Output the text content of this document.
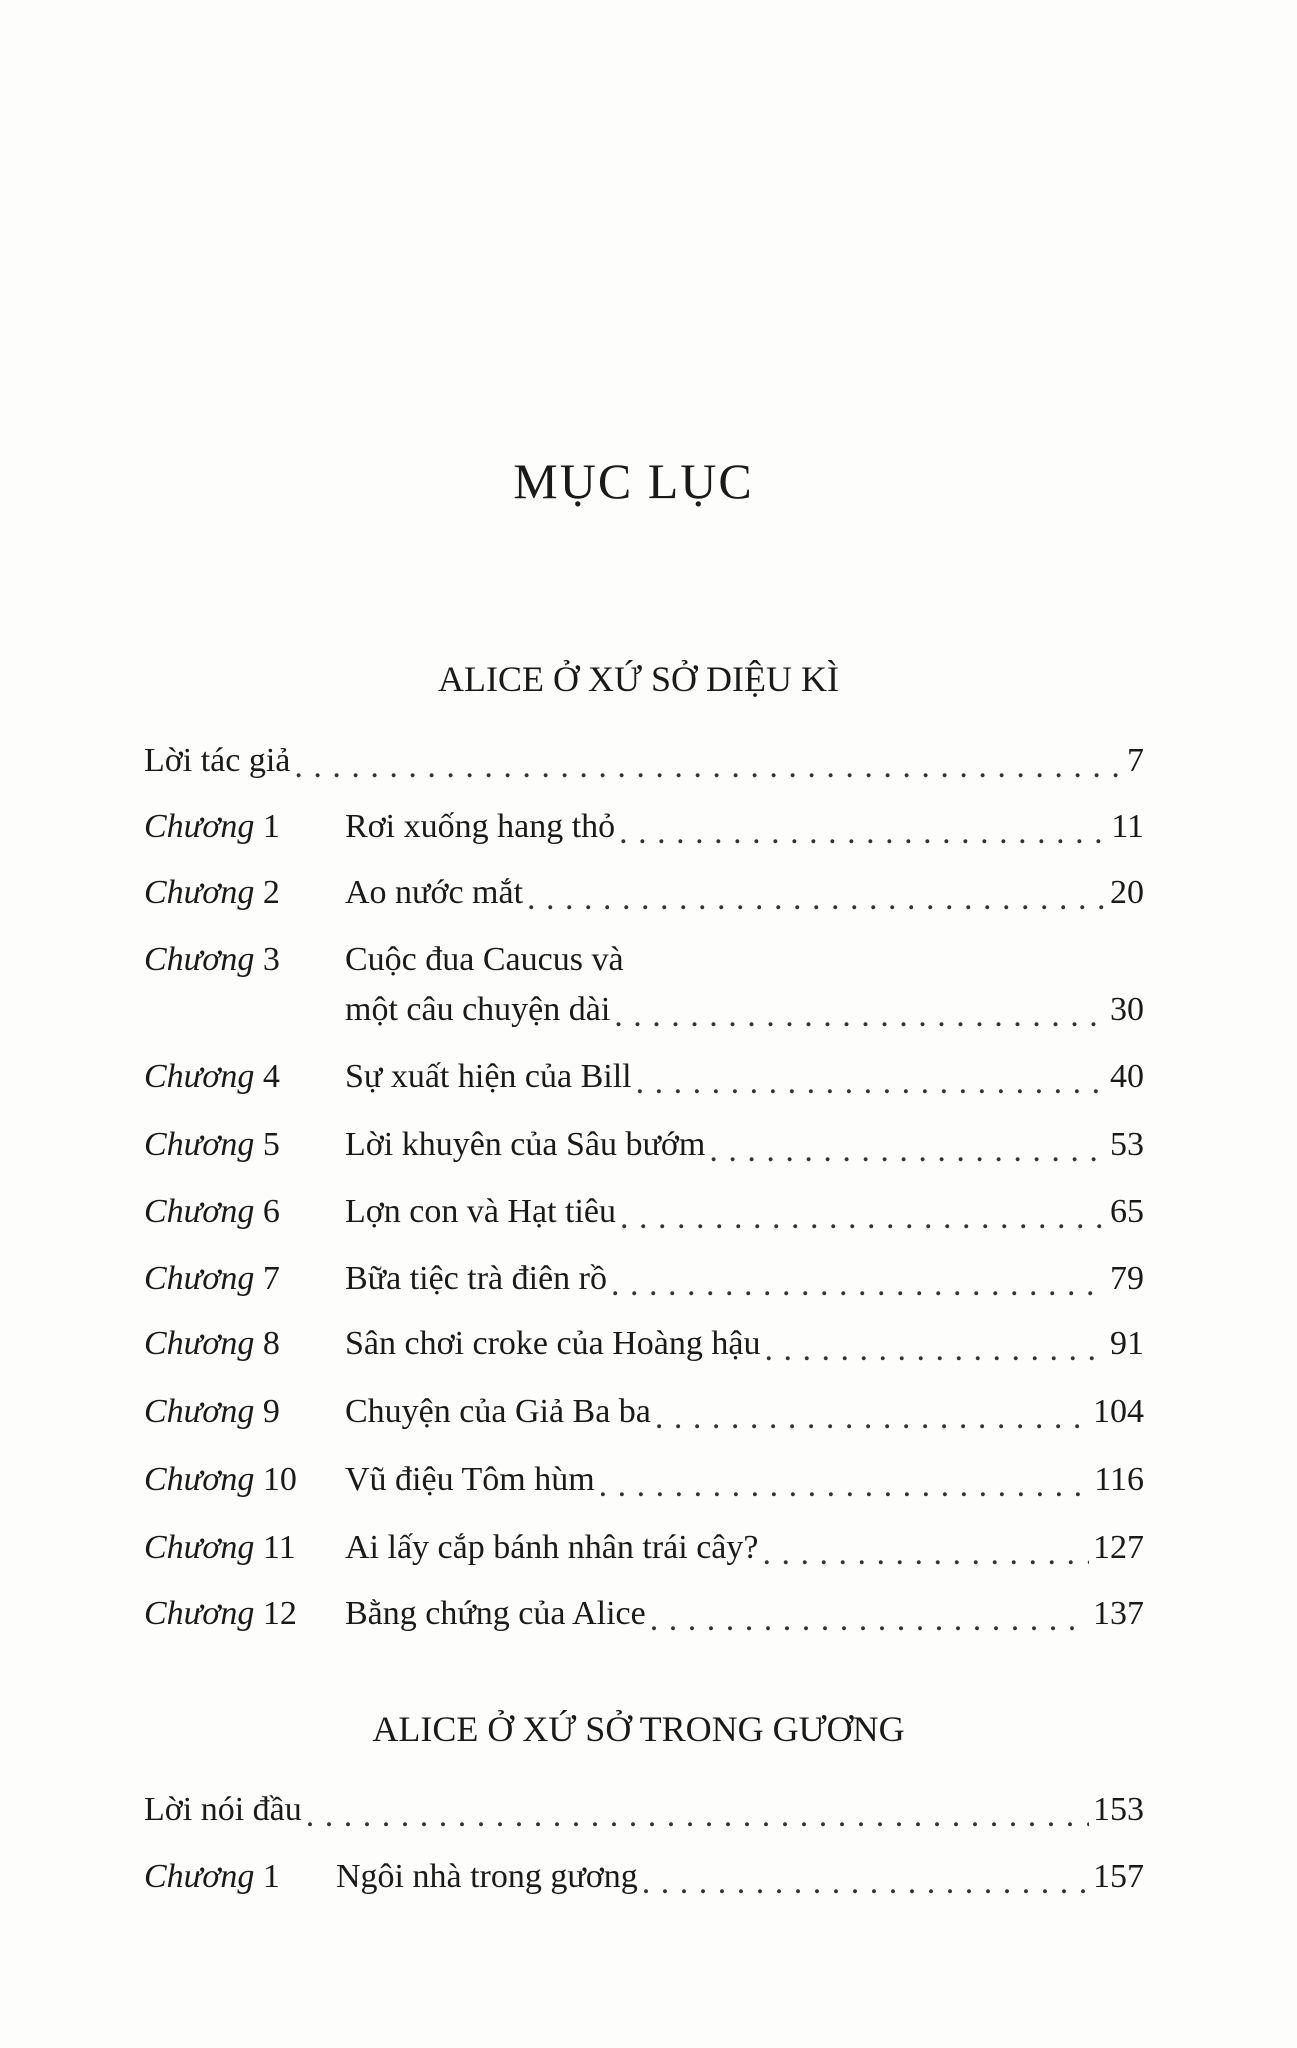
MỤC LỤC
ALICE Ở XỨ SỞ DIỆU KÌ
Lời tác giả . . .	7
Chương 1	Rơi xuống hang thỏ . . .	11
Chương 2	Ao nước mắt . . .	20
Chương 3	Cuộc đua Caucus và
một câu chuyện dài . . .	30
Chương 4	Sự xuất hiện của Bill . . .	40
Chương 5	Lời khuyên của Sâu bướm . . .	53
Chương 6	Lợn con và Hạt tiêu . . .	65
Chương 7	Bữa tiệc trà điên rồ . . .	79
Chương 8	Sân chơi croke của Hoàng hậu . . .	91
Chương 9	Chuyện của Giả Ba ba . . .	104
Chương 10	Vũ điệu Tôm hùm . . .	116
Chương 11	Ai lấy cắp bánh nhân trái cây? . . .	127
Chương 12	Bằng chứng của Alice . . .	137
ALICE Ở XỨ SỞ TRONG GƯƠNG
Lời nói đầu . . .	153
Chương 1	Ngôi nhà trong gương . . .	157
